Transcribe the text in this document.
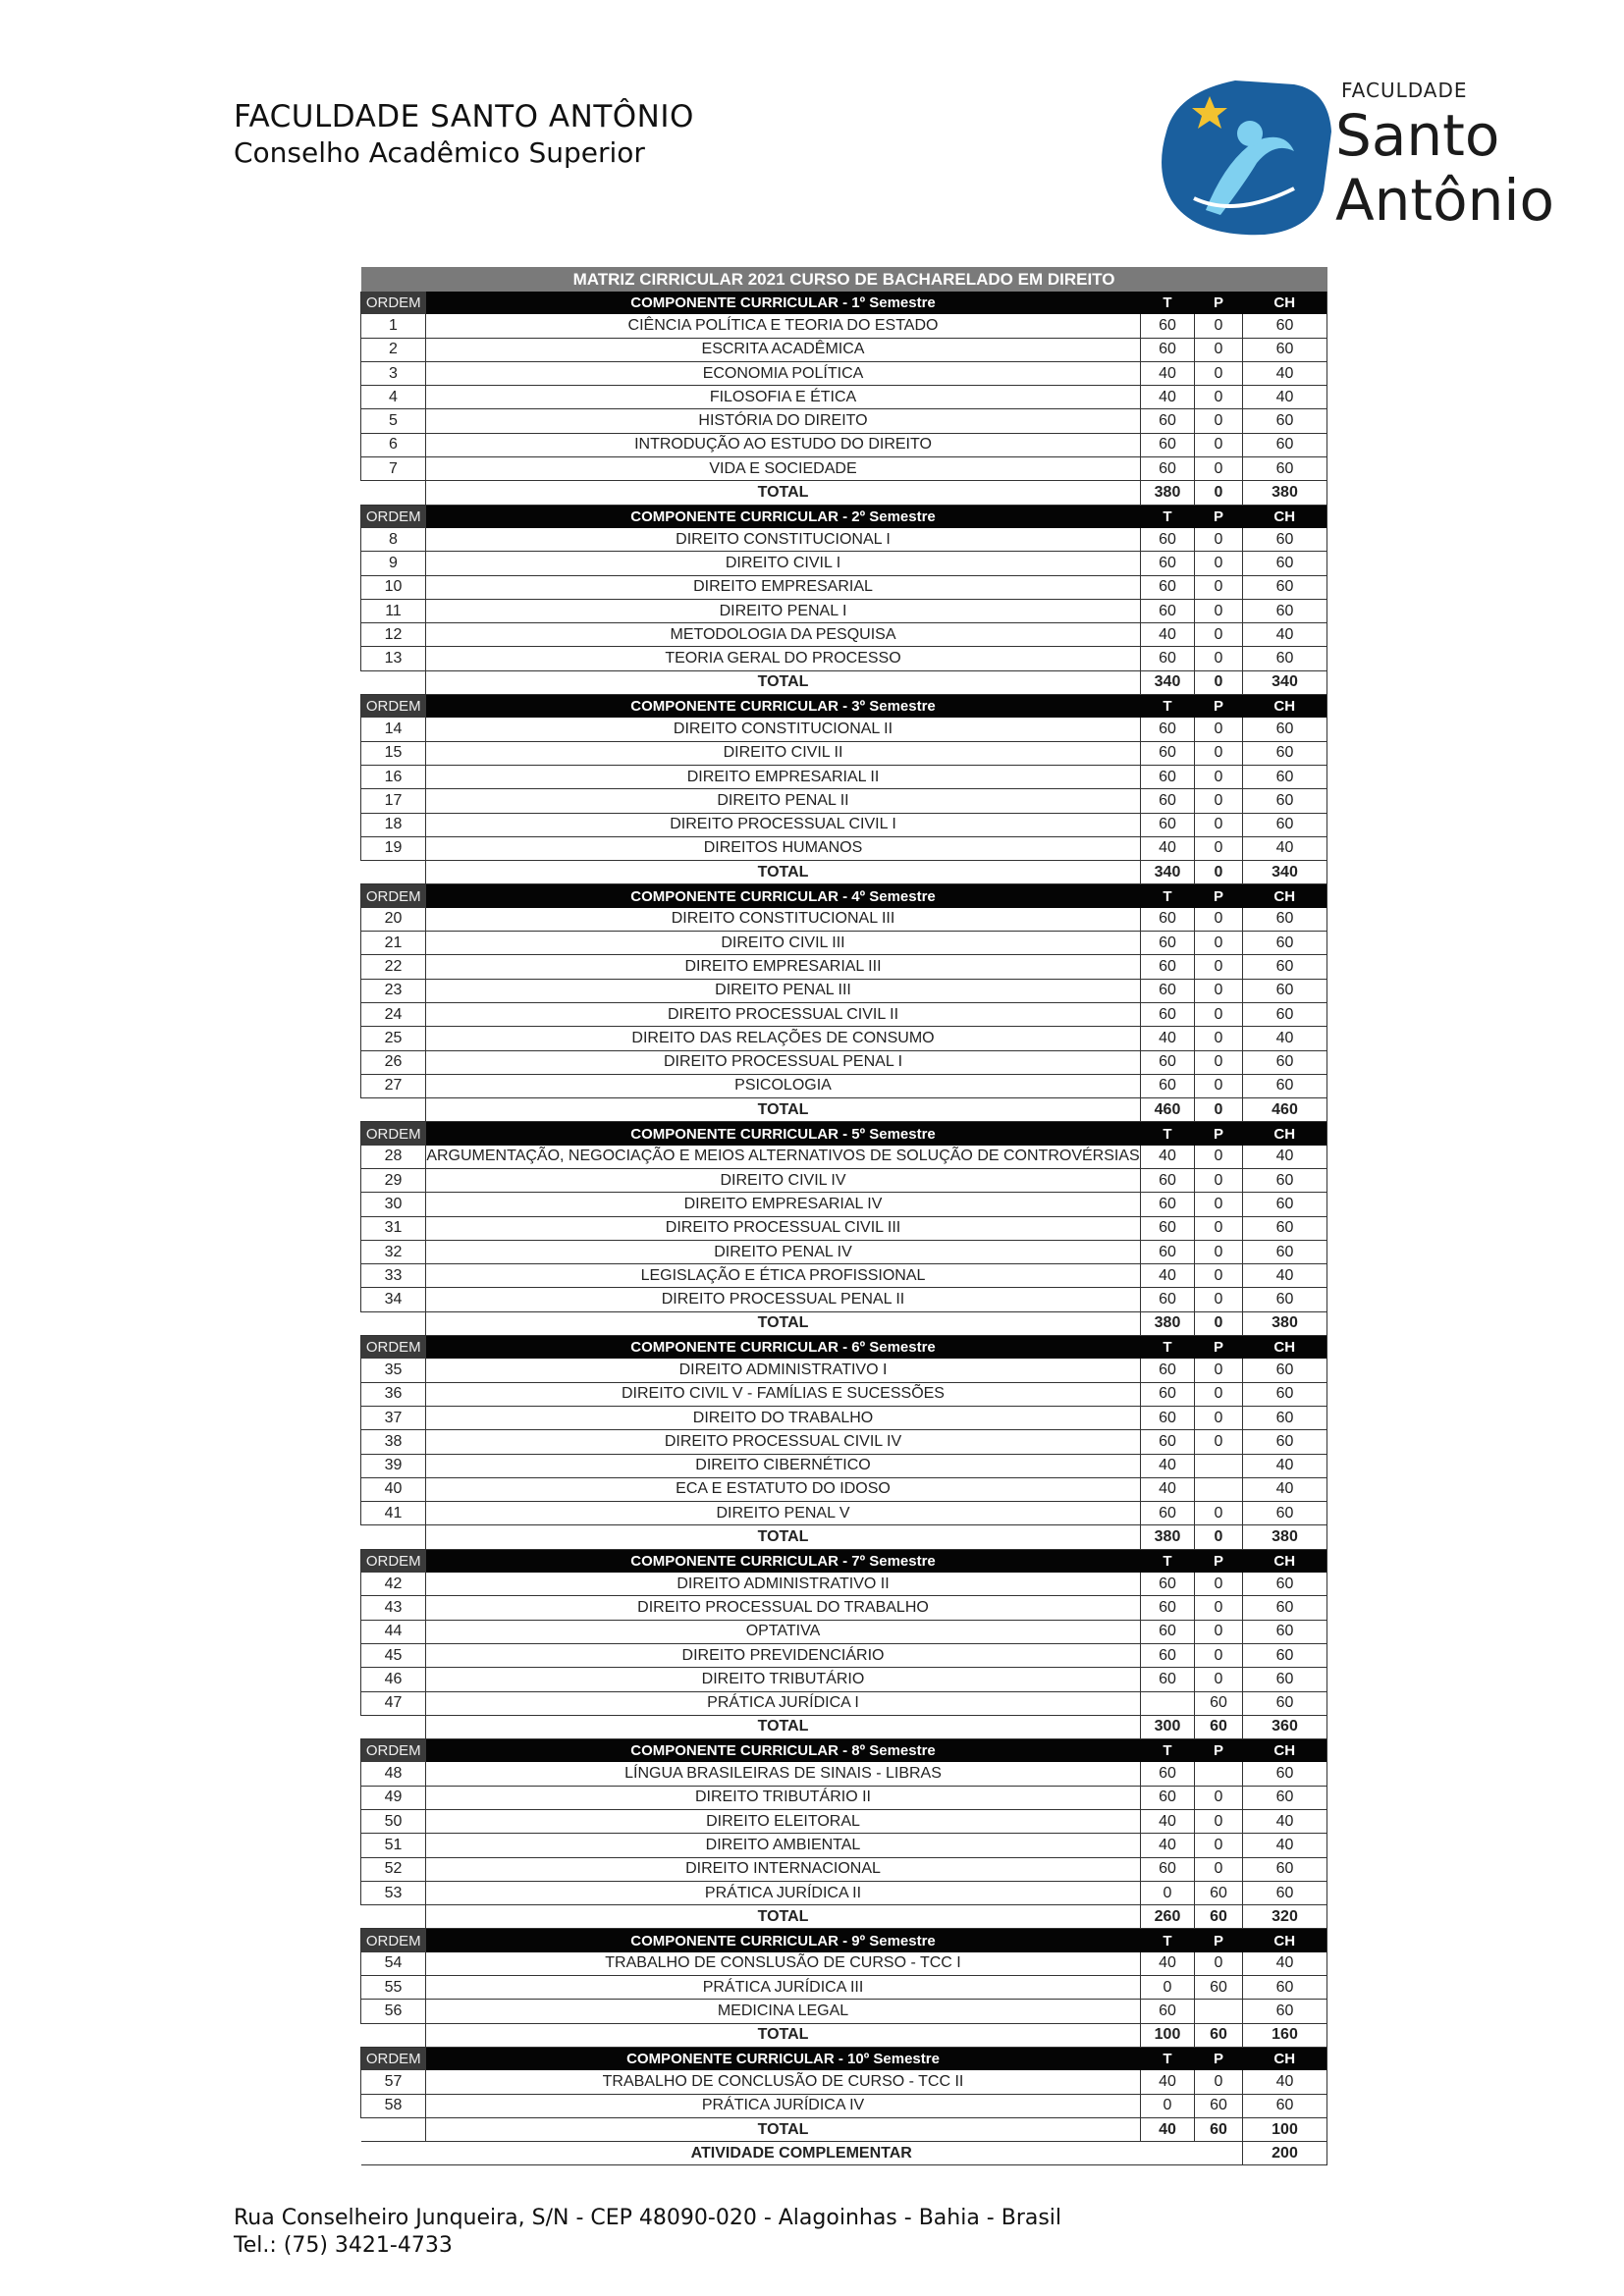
FACULDADE SANTO ANTÔNIO
Conselho Acadêmico Superior
FACULDADE
Santo
Antônio
MATRIZ CIRRICULAR 2021 CURSO DE BACHARELADO EM DIREITO				
ORDEM	COMPONENTE CURRICULAR - 1º Semestre	T	P	CH
1	CIÊNCIA POLÍTICA E TEORIA DO ESTADO	60	0	60
2	ESCRITA ACADÊMICA	60	0	60
3	ECONOMIA POLÍTICA	40	0	40
4	FILOSOFIA E ÉTICA	40	0	40
5	HISTÓRIA DO DIREITO	60	0	60
6	INTRODUÇÃO AO ESTUDO DO DIREITO	60	0	60
7	VIDA E SOCIEDADE	60	0	60
	TOTAL	380	0	380
ORDEM	COMPONENTE CURRICULAR - 2º Semestre	T	P	CH
8	DIREITO CONSTITUCIONAL I	60	0	60
9	DIREITO CIVIL I	60	0	60
10	DIREITO EMPRESARIAL	60	0	60
11	DIREITO PENAL I	60	0	60
12	METODOLOGIA DA PESQUISA	40	0	40
13	TEORIA GERAL DO PROCESSO	60	0	60
	TOTAL	340	0	340
ORDEM	COMPONENTE CURRICULAR - 3º Semestre	T	P	CH
14	DIREITO CONSTITUCIONAL II	60	0	60
15	DIREITO CIVIL II	60	0	60
16	DIREITO EMPRESARIAL II	60	0	60
17	DIREITO PENAL II	60	0	60
18	DIREITO PROCESSUAL CIVIL I	60	0	60
19	DIREITOS HUMANOS	40	0	40
	TOTAL	340	0	340
ORDEM	COMPONENTE CURRICULAR - 4º Semestre	T	P	CH
20	DIREITO CONSTITUCIONAL III	60	0	60
21	DIREITO CIVIL III	60	0	60
22	DIREITO EMPRESARIAL III	60	0	60
23	DIREITO PENAL III	60	0	60
24	DIREITO PROCESSUAL CIVIL II	60	0	60
25	DIREITO DAS RELAÇÕES DE CONSUMO	40	0	40
26	DIREITO PROCESSUAL PENAL I	60	0	60
27	PSICOLOGIA	60	0	60
	TOTAL	460	0	460
ORDEM	COMPONENTE CURRICULAR - 5º Semestre	T	P	CH
28	ARGUMENTAÇÃO, NEGOCIAÇÃO E MEIOS ALTERNATIVOS DE SOLUÇÃO DE CONTROVÉRSIAS	40	0	40
29	DIREITO CIVIL IV	60	0	60
30	DIREITO EMPRESARIAL IV	60	0	60
31	DIREITO PROCESSUAL CIVIL III	60	0	60
32	DIREITO PENAL IV	60	0	60
33	LEGISLAÇÃO E ÉTICA PROFISSIONAL	40	0	40
34	DIREITO PROCESSUAL PENAL II	60	0	60
	TOTAL	380	0	380
ORDEM	COMPONENTE CURRICULAR - 6º Semestre	T	P	CH
35	DIREITO ADMINISTRATIVO I	60	0	60
36	DIREITO CIVIL V - FAMÍLIAS E SUCESSÕES	60	0	60
37	DIREITO DO TRABALHO	60	0	60
38	DIREITO PROCESSUAL CIVIL IV	60	0	60
39	DIREITO CIBERNÉTICO	40		40
40	ECA E ESTATUTO DO IDOSO	40		40
41	DIREITO PENAL V	60	0	60
	TOTAL	380	0	380
ORDEM	COMPONENTE CURRICULAR - 7º Semestre	T	P	CH
42	DIREITO ADMINISTRATIVO II	60	0	60
43	DIREITO PROCESSUAL DO TRABALHO	60	0	60
44	OPTATIVA	60	0	60
45	DIREITO PREVIDENCIÁRIO	60	0	60
46	DIREITO TRIBUTÁRIO	60	0	60
47	PRÁTICA JURÍDICA I		60	60
	TOTAL	300	60	360
ORDEM	COMPONENTE CURRICULAR - 8º Semestre	T	P	CH
48	LÍNGUA BRASILEIRAS DE SINAIS - LIBRAS	60		60
49	DIREITO TRIBUTÁRIO II	60	0	60
50	DIREITO ELEITORAL	40	0	40
51	DIREITO AMBIENTAL	40	0	40
52	DIREITO INTERNACIONAL	60	0	60
53	PRÁTICA JURÍDICA II	0	60	60
	TOTAL	260	60	320
ORDEM	COMPONENTE CURRICULAR - 9º Semestre	T	P	CH
54	TRABALHO DE CONSLUSÃO DE CURSO - TCC I	40	0	40
55	PRÁTICA JURÍDICA III	0	60	60
56	MEDICINA LEGAL	60		60
	TOTAL	100	60	160
ORDEM	COMPONENTE CURRICULAR - 10º Semestre	T	P	CH
57	TRABALHO DE CONCLUSÃO DE CURSO - TCC II	40	0	40
58	PRÁTICA JURÍDICA IV	0	60	60
	TOTAL	40	60	100
ATIVIDADE COMPLEMENTAR				200
Rua Conselheiro Junqueira, S/N - CEP 48090-020 - Alagoinhas - Bahia - Brasil
Tel.: (75) 3421-4733
